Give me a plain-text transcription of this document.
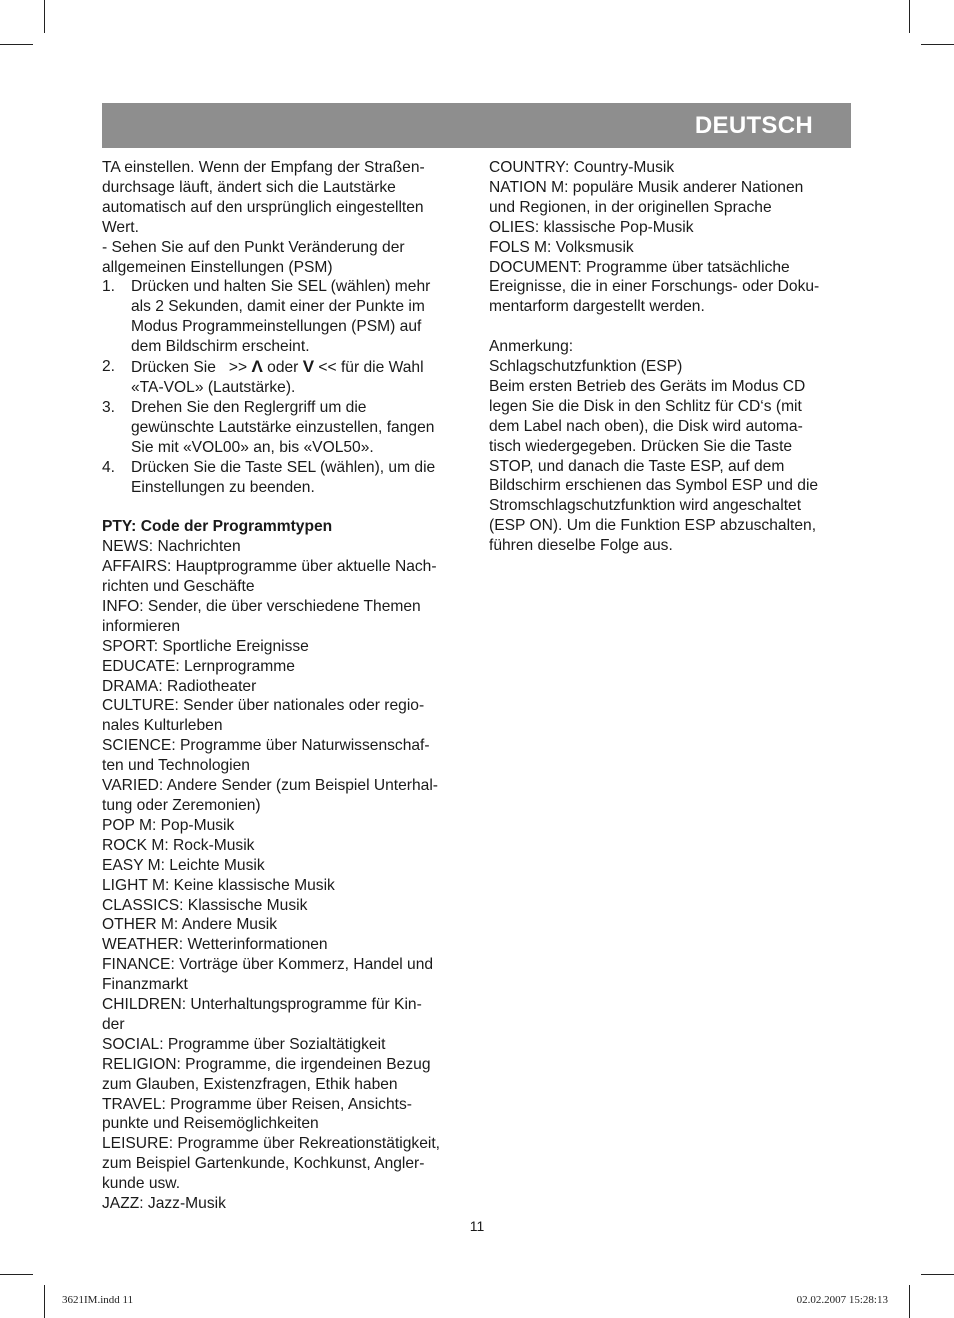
DEUTSCH
TA einstellen. Wenn der Empfang der Straßen-
durchsage läuft, ändert sich die Lautstärke
automatisch auf den ursprünglich eingestellten
Wert.
- Sehen Sie auf den Punkt Veränderung der
allgemeinen Einstellungen (PSM)
1.	Drücken und halten Sie SEL (wählen) mehr
als 2 Sekunden, damit einer der Punkte im
Modus Programmeinstellungen (PSM) auf
dem Bildschirm erscheint.
2.	Drücken Sie   >> Λ oder V << für die Wahl
«TA-VOL» (Lautstärke).
3.	Drehen Sie den Reglergriff um die
gewünschte Lautstärke einzustellen, fangen
Sie mit «VOL00» an, bis «VOL50».
4.	Drücken Sie die Taste SEL (wählen), um die
Einstellungen zu beenden.
PTY: Code der Programmtypen
NEWS: Nachrichten
AFFAIRS: Hauptprogramme über aktuelle Nach-
richten und Geschäfte
INFO: Sender, die über verschiedene Themen
informieren
SPORT: Sportliche Ereignisse
EDUCATE: Lernprogramme
DRAMA: Radiotheater
CULTURE: Sender über nationales oder regio-
nales Kulturleben
SCIENCE: Programme über Naturwissenschaf-
ten und Technologien
VARIED: Andere Sender (zum Beispiel Unterhal-
tung oder Zeremonien)
POP M: Pop-Musik
ROCK M: Rock-Musik
EASY M: Leichte Musik
LIGHT M: Keine klassische Musik
CLASSICS: Klassische Musik
OTHER M: Andere Musik
WEATHER: Wetterinformationen
FINANCE: Vorträge über Kommerz, Handel und
Finanzmarkt
CHILDREN: Unterhaltungsprogramme für Kin-
der
SOCIAL: Programme über Sozialtätigkeit
RELIGION: Programme, die irgendeinen Bezug
zum Glauben, Existenzfragen, Ethik haben
TRAVEL: Programme über Reisen, Ansichts-
punkte und Reisemöglichkeiten
LEISURE: Programme über Rekreationstätigkeit,
zum Beispiel Gartenkunde, Kochkunst, Angler-
kunde usw.
JAZZ: Jazz-Musik
COUNTRY: Country-Musik
NATION M: populäre Musik anderer Nationen
und Regionen, in der originellen Sprache
OLIES: klassische Pop-Musik
FOLS M: Volksmusik
DOCUMENT: Programme über tatsächliche
Ereignisse, die in einer Forschungs- oder Doku-
mentarform dargestellt werden.
Anmerkung:
Schlagschutzfunktion (ESP)
Beim ersten Betrieb des Geräts im Modus CD
legen Sie die Disk in den Schlitz für CD‘s (mit
dem Label nach oben), die Disk wird automa-
tisch wiedergegeben. Drücken Sie die Taste
STOP, und danach die Taste ESP, auf dem
Bildschirm erschienen das Symbol ESP und die
Stromschlagschutzfunktion wird angeschaltet
(ESP ON). Um die Funktion ESP abzuschalten,
führen dieselbe Folge aus.
11
3621IM.indd 11	02.02.2007 15:28:13
